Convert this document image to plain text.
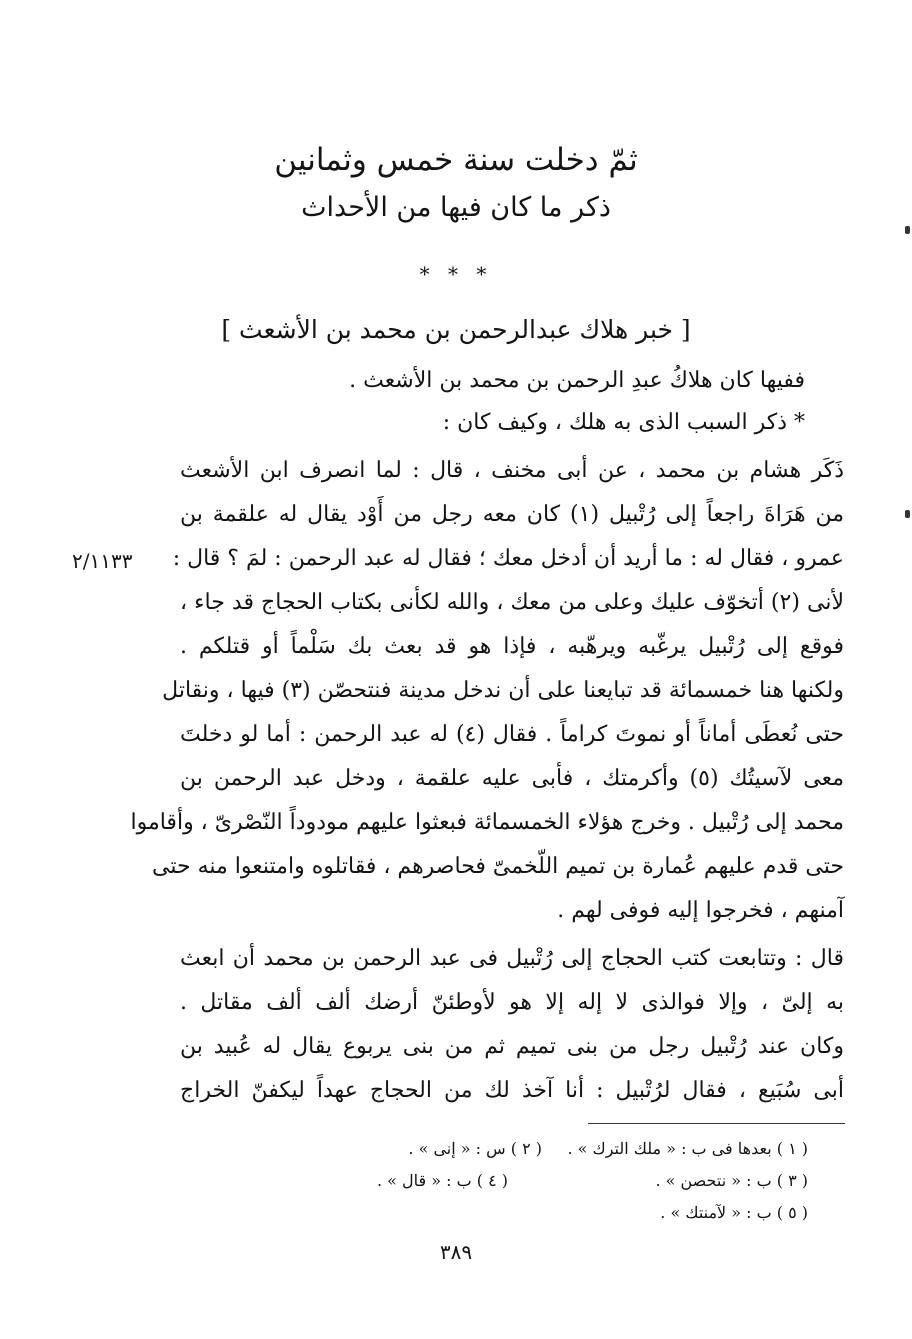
ثمّ دخلت سنة خمس وثمانين
ذكر ما كان فيها من الأحداث
* * *
[ خبر هلاك عبدالرحمن بن محمد بن الأشعث ]
ففيها كان هلاكُ عبدِ الرحمن بن محمد بن الأشعث .
* ذكر السبب الذى به هلك ، وكيف كان :
ذَكَر هشام بن محمد ، عن أبى مخنف ، قال : لما انصرف ابن الأشعث
من هَرَاةَ راجعاً إلى رُتْبيل (١) كان معه رجل من أَوْد يقال له علقمة بن
عمرو ، فقال له : ما أريد أن أدخل معك ؛ فقال له عبد الرحمن : لمَ ؟ قال :
لأنى (٢) أتخوّف عليك وعلى من معك ، والله لكأنى بكتاب الحجاج قد جاء ،
فوقع إلى رُتْبيل يرغّبه ويرهّبه ، فإذا هو قد بعث بك سَلْماً أو قتلكم .
ولكنها هنا خمسمائة قد تبايعنا على أن ندخل مدينة فنتحصّن (٣) فيها ، ونقاتل
حتى نُعطَى أماناً أو نموتَ كراماً . فقال (٤) له عبد الرحمن : أما لو دخلتَ
معى لآسيتُك (٥) وأكرمتك ، فأبى عليه علقمة ، ودخل عبد الرحمن بن
محمد إلى رُتْبيل . وخرج هؤلاء الخمسمائة فبعثوا عليهم مودوداً النّصْرىّ ، وأقاموا
حتى قدم عليهم عُمارة بن تميم اللّخمىّ فحاصرهم ، فقاتلوه وامتنعوا منه حتى
آمنهم ، فخرجوا إليه فوفى لهم .
قال : وتتابعت كتب الحجاج إلى رُتْبيل فى عبد الرحمن بن محمد أن ابعث
به إلىّ ، وإلا فوالذى لا إله إلا هو لأوطئنّ أرضك ألف ألف مقاتل .
وكان عند رُتْبيل رجل من بنى تميم ثم من بنى يربوع يقال له عُبيد بن
أبى سُبَيع ، فقال لرُتْبيل : أنا آخذ لك من الحجاج عهداً ليكفنّ الخراج
٢/١١٣٣
( ١ ) بعدها فى ب : « ملك الترك » .
( ٢ ) س : « إنى » .
( ٣ ) ب : « نتحصن » .
( ٤ ) ب : « قال » .
( ٥ ) ب : « لآمنتك » .
٣٨٩
